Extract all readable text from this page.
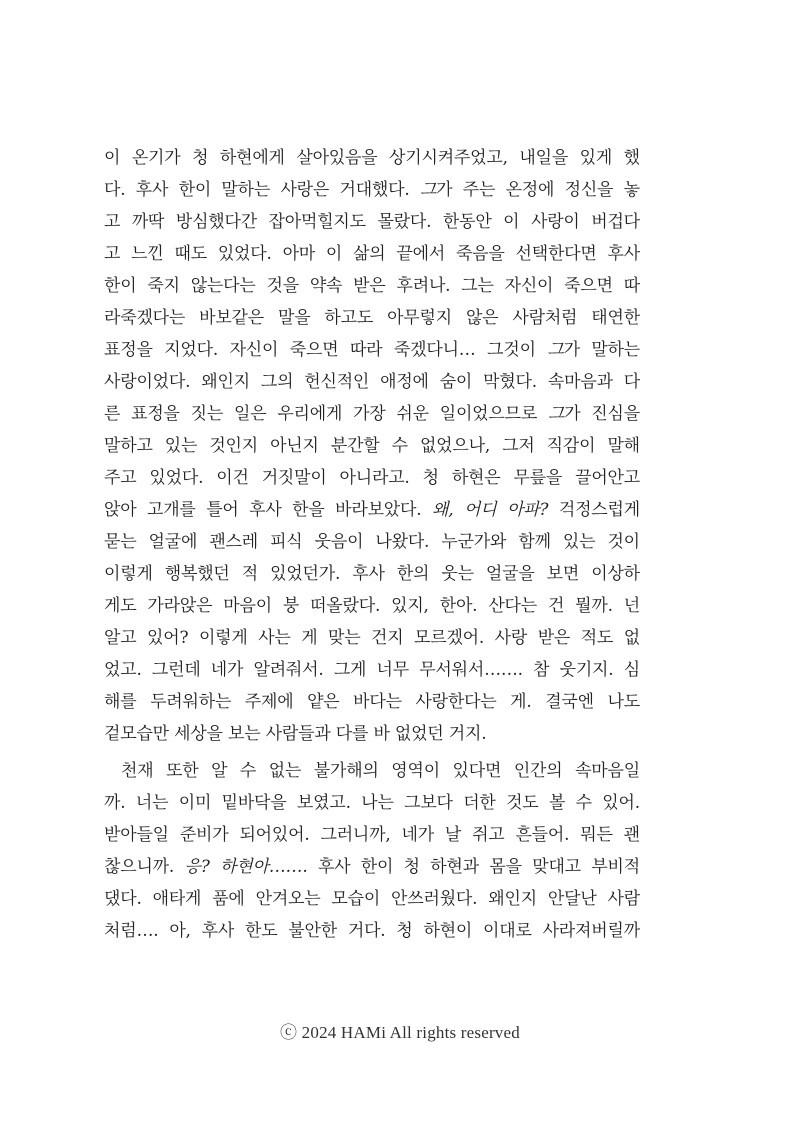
이 온기가 청 하현에게 살아있음을 상기시켜주었고, 내일을 있게 했
다. 후사 한이 말하는 사랑은 거대했다. 그가 주는 온정에 정신을 놓
고 까딱 방심했다간 잡아먹힐지도 몰랐다. 한동안 이 사랑이 버겁다
고 느낀 때도 있었다. 아마 이 삶의 끝에서 죽음을 선택한다면 후사
한이 죽지 않는다는 것을 약속 받은 후려나. 그는 자신이 죽으면 따
라죽겠다는 바보같은 말을 하고도 아무렇지 않은 사람처럼 태연한
표정을 지었다. 자신이 죽으면 따라 죽겠다니… 그것이 그가 말하는
사랑이었다. 왜인지 그의 헌신적인 애정에 숨이 막혔다. 속마음과 다
른 표정을 짓는 일은 우리에게 가장 쉬운 일이었으므로 그가 진심을
말하고 있는 것인지 아닌지 분간할 수 없었으나, 그저 직감이 말해
주고 있었다. 이건 거짓말이 아니라고. 청 하현은 무릎을 끌어안고
앉아 고개를 틀어 후사 한을 바라보았다. 왜, 어디 아파? 걱정스럽게
묻는 얼굴에 괜스레 피식 웃음이 나왔다. 누군가와 함께 있는 것이
이렇게 행복했던 적 있었던가. 후사 한의 웃는 얼굴을 보면 이상하
게도 가라앉은 마음이 붕 떠올랐다. 있지, 한아. 산다는 건 뭘까. 넌
알고 있어? 이렇게 사는 게 맞는 건지 모르겠어. 사랑 받은 적도 없
었고. 그런데 네가 알려줘서. 그게 너무 무서워서……. 참 웃기지. 심
해를 두려워하는 주제에 얕은 바다는 사랑한다는 게. 결국엔 나도
겉모습만
세상을
보는
사람들과
다를
바
없었던
거지.
천재 또한 알 수 없는 불가해의 영역이 있다면 인간의 속마음일
까. 너는 이미 밑바닥을 보였고. 나는 그보다 더한 것도 볼 수 있어.
받아들일 준비가 되어있어. 그러니까, 네가 날 쥐고 흔들어. 뭐든 괜
찮으니까. 응? 하현아……. 후사 한이 청 하현과 몸을 맞대고 부비적
댔다. 애타게 품에 안겨오는 모습이 안쓰러웠다. 왜인지 안달난 사람
처럼…. 아, 후사 한도 불안한 거다. 청 하현이 이대로 사라져버릴까
ⓒ 2024 HAMi All rights reserved
